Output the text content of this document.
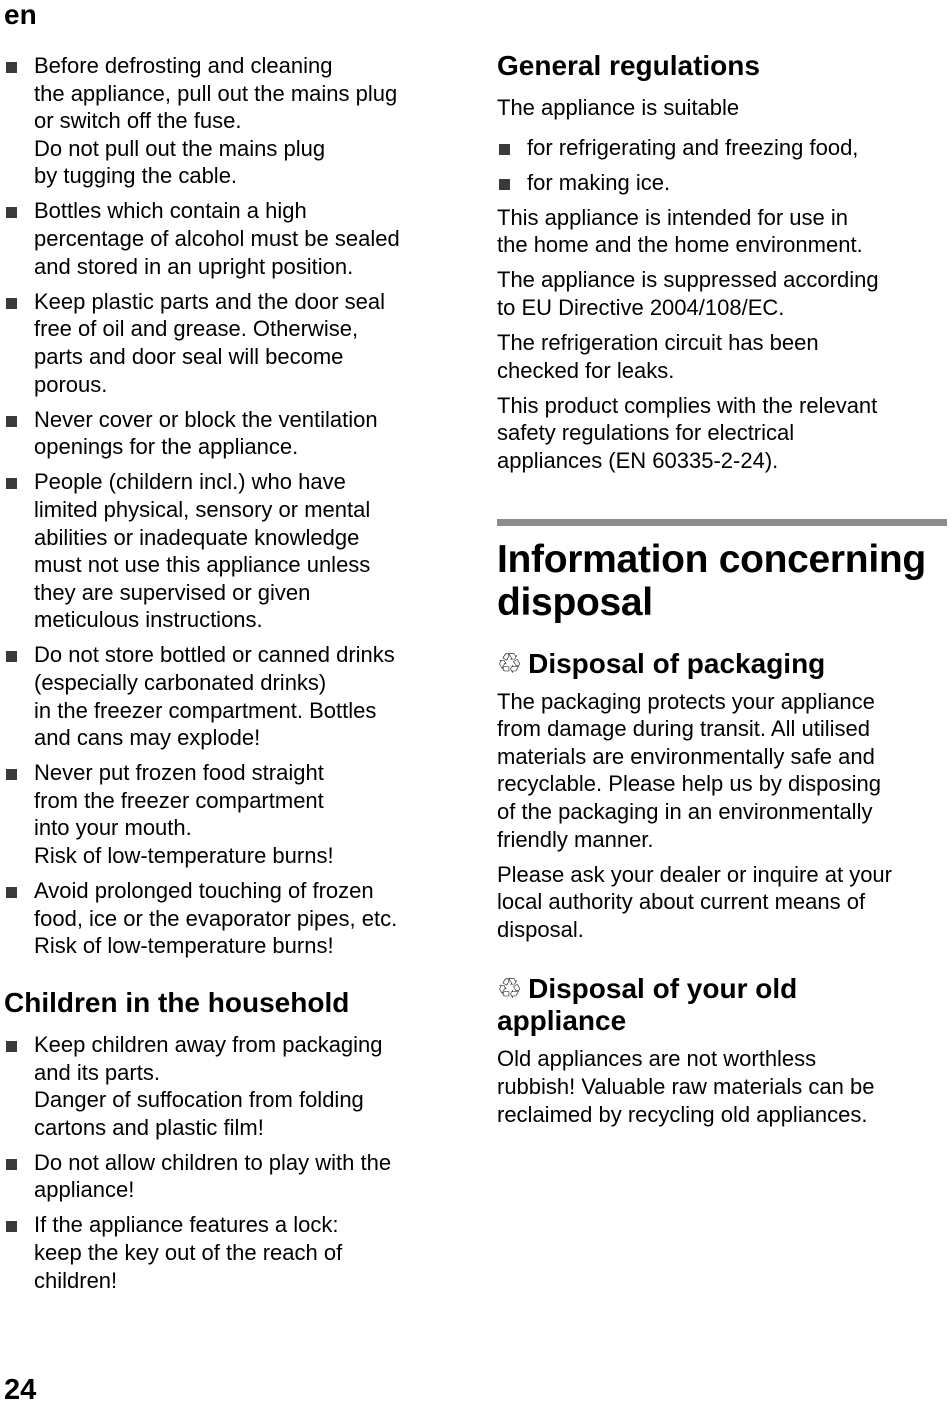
en
Before defrosting and cleaning
the appliance, pull out the mains plug
or switch off the fuse.
Do not pull out the mains plug
by tugging the cable.
Bottles which contain a high
percentage of alcohol must be sealed
and stored in an upright position.
Keep plastic parts and the door seal
free of oil and grease. Otherwise,
parts and door seal will become
porous.
Never cover or block the ventilation
openings for the appliance.
People (childern incl.) who have
limited physical, sensory or mental
abilities or inadequate knowledge
must not use this appliance unless
they are supervised or given
meticulous instructions.
Do not store bottled or canned drinks
(especially carbonated drinks)
in the freezer compartment. Bottles
and cans may explode!
Never put frozen food straight
from the freezer compartment
into your mouth.
Risk of low-temperature burns!
Avoid prolonged touching of frozen
food, ice or the evaporator pipes, etc.
Risk of low-temperature burns!
Children in the household
Keep children away from packaging
and its parts.
Danger of suffocation from folding
cartons and plastic film!
Do not allow children to play with the
appliance!
If the appliance features a lock:
keep the key out of the reach of
children!
General regulations

The appliance is suitable

for refrigerating and freezing food,
for making ice.

This appliance is intended for use in
the home and the home environment.

The appliance is suppressed according
to EU Directive 2004/108/EC.

The refrigeration circuit has been
checked for leaks.

This product complies with the relevant
safety regulations for electrical
appliances (EN 60335-2-24).

Information concerning
disposal
♲ Disposal of packaging

The packaging protects your appliance
from damage during transit. All utilised
materials are environmentally safe and
recyclable. Please help us by disposing
of the packaging in an environmentally
friendly manner.

Please ask your dealer or inquire at your
local authority about current means of
disposal.

♲ Disposal of your old
appliance

Old appliances are not worthless
rubbish! Valuable raw materials can be
reclaimed by recycling old appliances.

24
